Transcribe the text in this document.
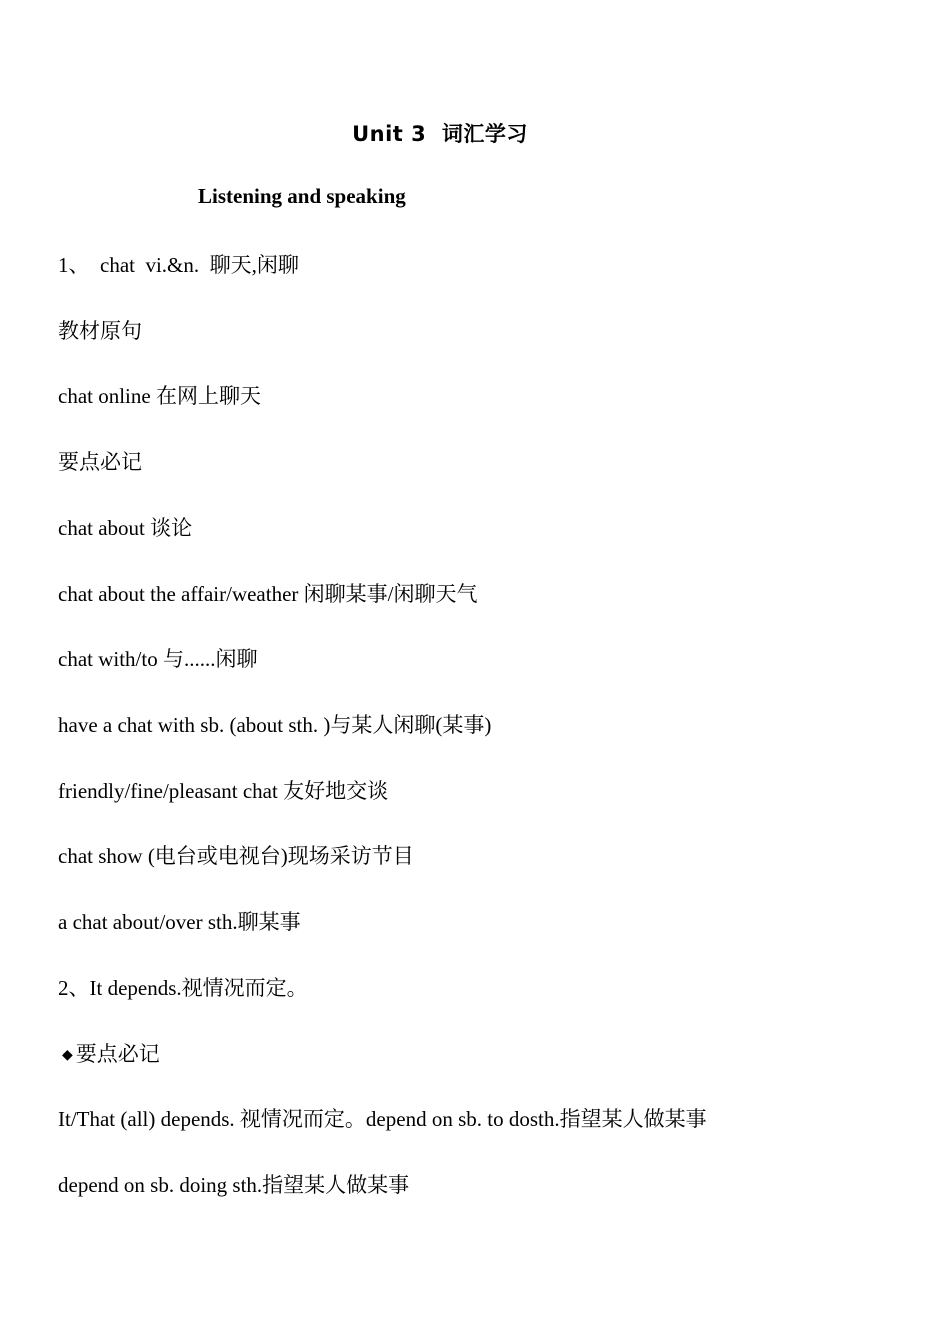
Unit 3  词汇学习
Listening and speaking
1、  chat  vi.&n.  聊天,闲聊
教材原句
chat online 在网上聊天
要点必记
chat about 谈论
chat about the affair/weather 闲聊某事/闲聊天气
chat with/to 与......闲聊
have a chat with sb. (about sth. )与某人闲聊(某事)
friendly/fine/pleasant chat 友好地交谈
chat show (电台或电视台)现场采访节目
a chat about/over sth.聊某事
2、It depends.视情况而定。
◆ 要点必记
It/That (all) depends. 视情况而定。depend on sb. to dosth.指望某人做某事
depend on sb. doing sth.指望某人做某事
